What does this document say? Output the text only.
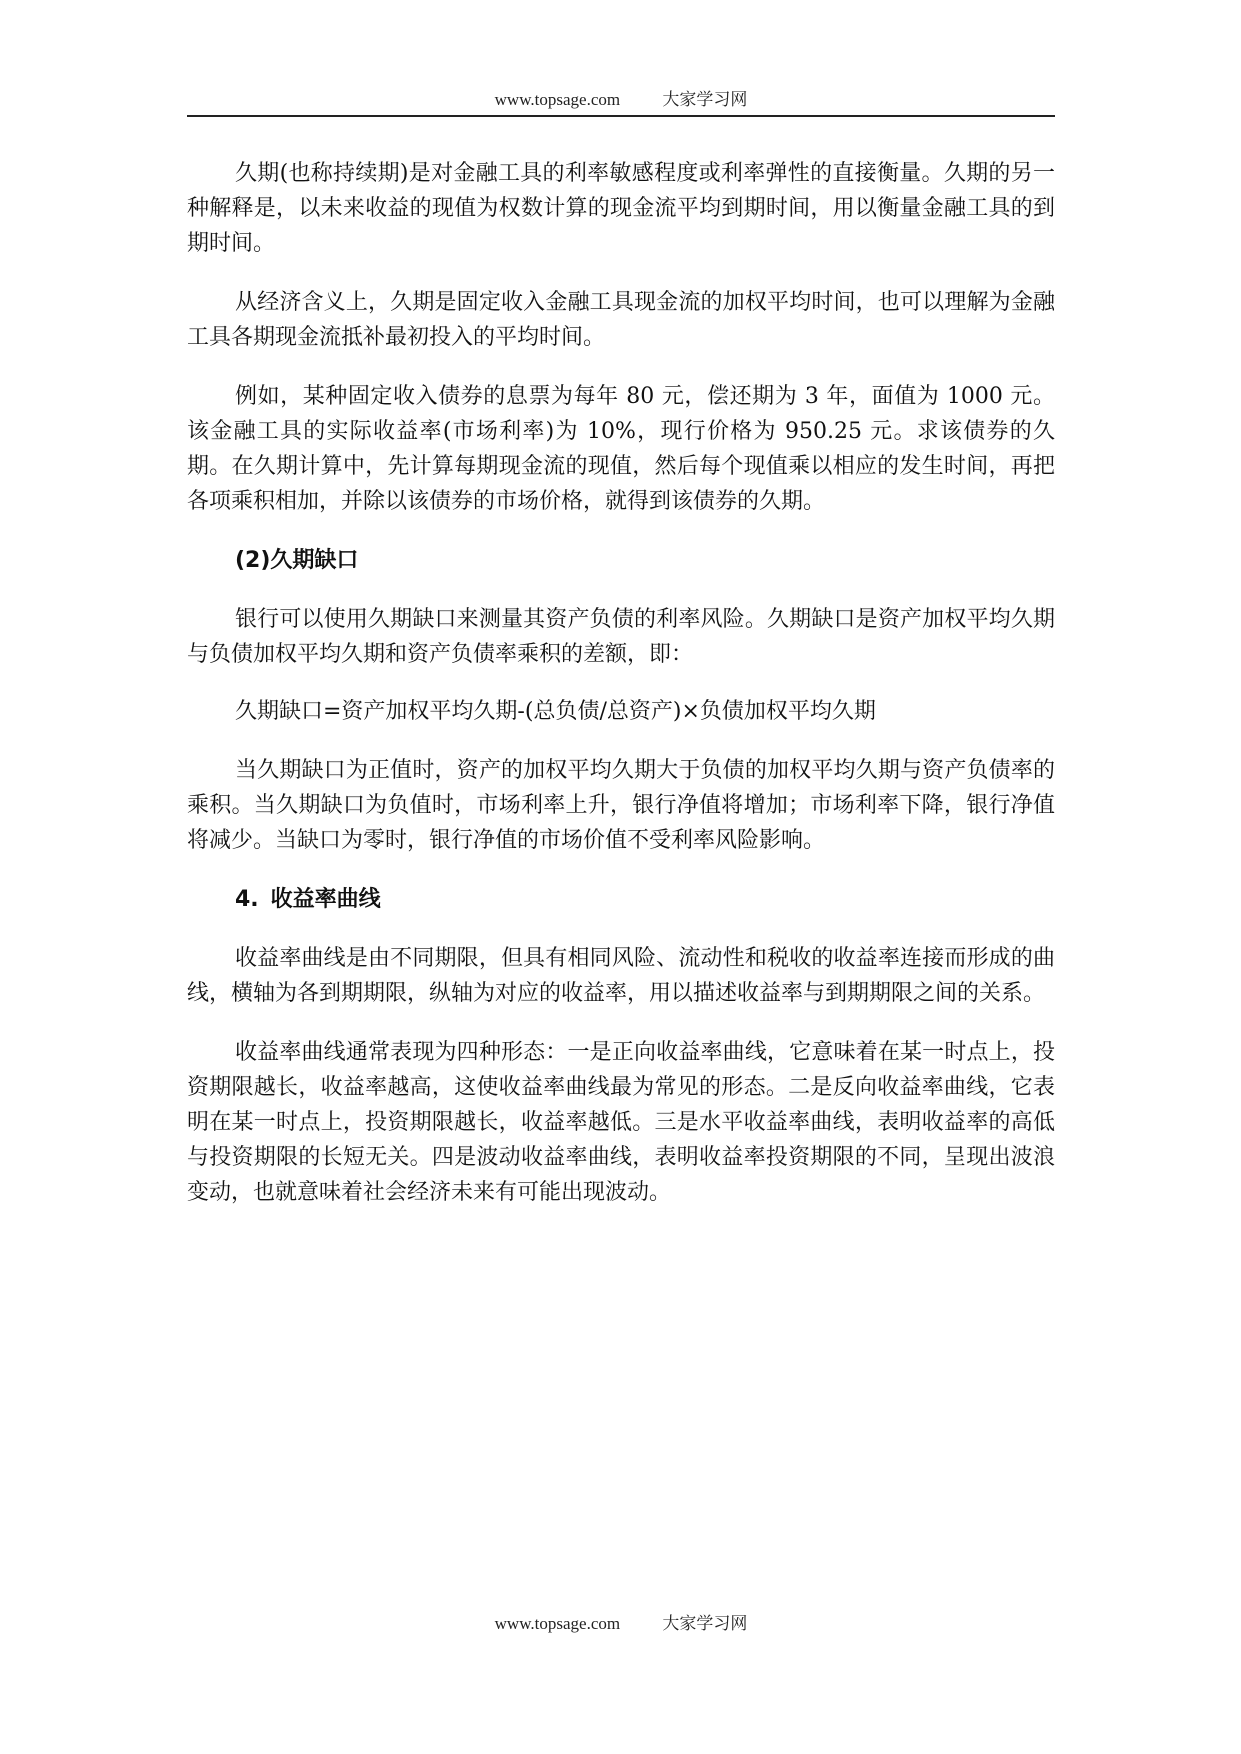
www.topsage.com 大家学习网

久期(也称持续期)是对金融工具的利率敏感程度或利率弹性的直接衡量。久期的另一种解释是，以未来收益的现值为权数计算的现金流平均到期时间，用以衡量金融工具的到期时间。

从经济含义上，久期是固定收入金融工具现金流的加权平均时间，也可以理解为金融工具各期现金流抵补最初投入的平均时间。

例如，某种固定收入债券的息票为每年 80 元，偿还期为 3 年，面值为 1000 元。该金融工具的实际收益率(市场利率)为 10%，现行价格为 950.25 元。求该债券的久期。在久期计算中，先计算每期现金流的现值，然后每个现值乘以相应的发生时间，再把各项乘积相加，并除以该债券的市场价格，就得到该债券的久期。

(2)久期缺口

银行可以使用久期缺口来测量其资产负债的利率风险。久期缺口是资产加权平均久期与负债加权平均久期和资产负债率乘积的差额，即：

久期缺口=资产加权平均久期-(总负债/总资产)×负债加权平均久期

当久期缺口为正值时，资产的加权平均久期大于负债的加权平均久期与资产负债率的乘积。当久期缺口为负值时，市场利率上升，银行净值将增加；市场利率下降，银行净值将减少。当缺口为零时，银行净值的市场价值不受利率风险影响。

4. 收益率曲线

收益率曲线是由不同期限，但具有相同风险、流动性和税收的收益率连接而形成的曲线，横轴为各到期期限，纵轴为对应的收益率，用以描述收益率与到期期限之间的关系。

收益率曲线通常表现为四种形态：一是正向收益率曲线，它意味着在某一时点上，投资期限越长，收益率越高，这使收益率曲线最为常见的形态。二是反向收益率曲线，它表明在某一时点上，投资期限越长，收益率越低。三是水平收益率曲线，表明收益率的高低与投资期限的长短无关。四是波动收益率曲线，表明收益率投资期限的不同，呈现出波浪变动，也就意味着社会经济未来有可能出现波动。

www.topsage.com 大家学习网
